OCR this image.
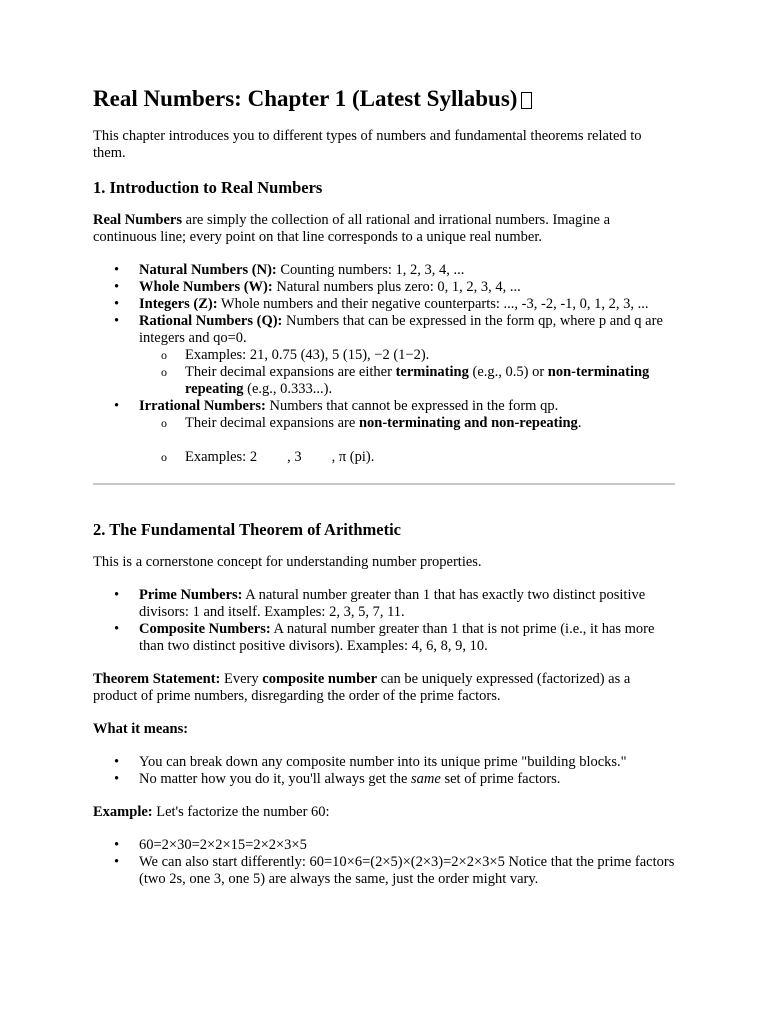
Real Numbers: Chapter 1 (Latest Syllabus)

This chapter introduces you to different types of numbers and fundamental theorems related to them.

1. Introduction to Real Numbers

Real Numbers are simply the collection of all rational and irrational numbers. Imagine a continuous line; every point on that line corresponds to a unique real number.

• Natural Numbers (N): Counting numbers: 1, 2, 3, 4, ...
• Whole Numbers (W): Natural numbers plus zero: 0, 1, 2, 3, 4, ...
• Integers (Z): Whole numbers and their negative counterparts: ..., -3, -2, -1, 0, 1, 2, 3, ...
• Rational Numbers (Q): Numbers that can be expressed in the form qp, where p and q are integers and qo=0.
o Examples: 21, 0.75 (43), 5 (15), −2 (1−2).
o Their decimal expansions are either terminating (e.g., 0.5) or non-terminating repeating (e.g., 0.333...).
• Irrational Numbers: Numbers that cannot be expressed in the form qp.
o Their decimal expansions are non-terminating and non-repeating.
o Examples: 2 , 3 , π (pi).
2. The Fundamental Theorem of Arithmetic

This is a cornerstone concept for understanding number properties.

• Prime Numbers: A natural number greater than 1 that has exactly two distinct positive divisors: 1 and itself. Examples: 2, 3, 5, 7, 11.
• Composite Numbers: A natural number greater than 1 that is not prime (i.e., it has more than two distinct positive divisors). Examples: 4, 6, 8, 9, 10.

Theorem Statement: Every composite number can be uniquely expressed (factorized) as a product of prime numbers, disregarding the order of the prime factors.

What it means:

• You can break down any composite number into its unique prime "building blocks."
• No matter how you do it, you'll always get the same set of prime factors.

Example: Let's factorize the number 60:

• 60=2×30=2×2×15=2×2×3×5
• We can also start differently: 60=10×6=(2×5)×(2×3)=2×2×3×5 Notice that the prime factors (two 2s, one 3, one 5) are always the same, just the order might vary.
